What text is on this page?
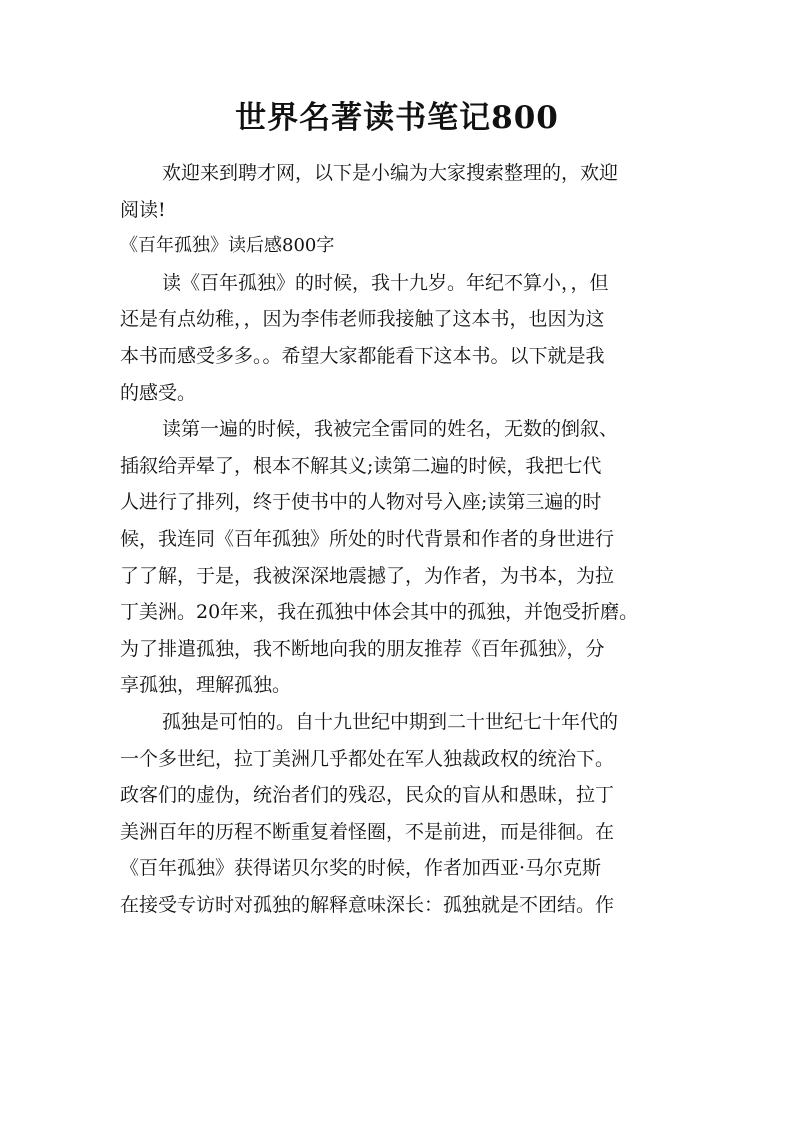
世界名著读书笔记800
欢迎来到聘才网，以下是小编为大家搜索整理的，欢迎
阅读!
《百年孤独》读后感800字
读《百年孤独》的时候，我十九岁。年纪不算小，，但
还是有点幼稚，，因为李伟老师我接触了这本书，也因为这
本书而感受多多。。希望大家都能看下这本书。以下就是我
的感受。
读第一遍的时候，我被完全雷同的姓名，无数的倒叙、
插叙给弄晕了，根本不解其义;读第二遍的时候，我把七代
人进行了排列，终于使书中的人物对号入座;读第三遍的时
候，我连同《百年孤独》所处的时代背景和作者的身世进行
了了解，于是，我被深深地震撼了，为作者，为书本，为拉
丁美洲。20年来，我在孤独中体会其中的孤独，并饱受折磨。
为了排遣孤独，我不断地向我的朋友推荐《百年孤独》，分
享孤独，理解孤独。
孤独是可怕的。自十九世纪中期到二十世纪七十年代的
一个多世纪，拉丁美洲几乎都处在军人独裁政权的统治下。
政客们的虚伪，统治者们的残忍，民众的盲从和愚昧，拉丁
美洲百年的历程不断重复着怪圈，不是前进，而是徘徊。在
《百年孤独》获得诺贝尔奖的时候，作者加西亚·马尔克斯
在接受专访时对孤独的解释意味深长：孤独就是不团结。作
